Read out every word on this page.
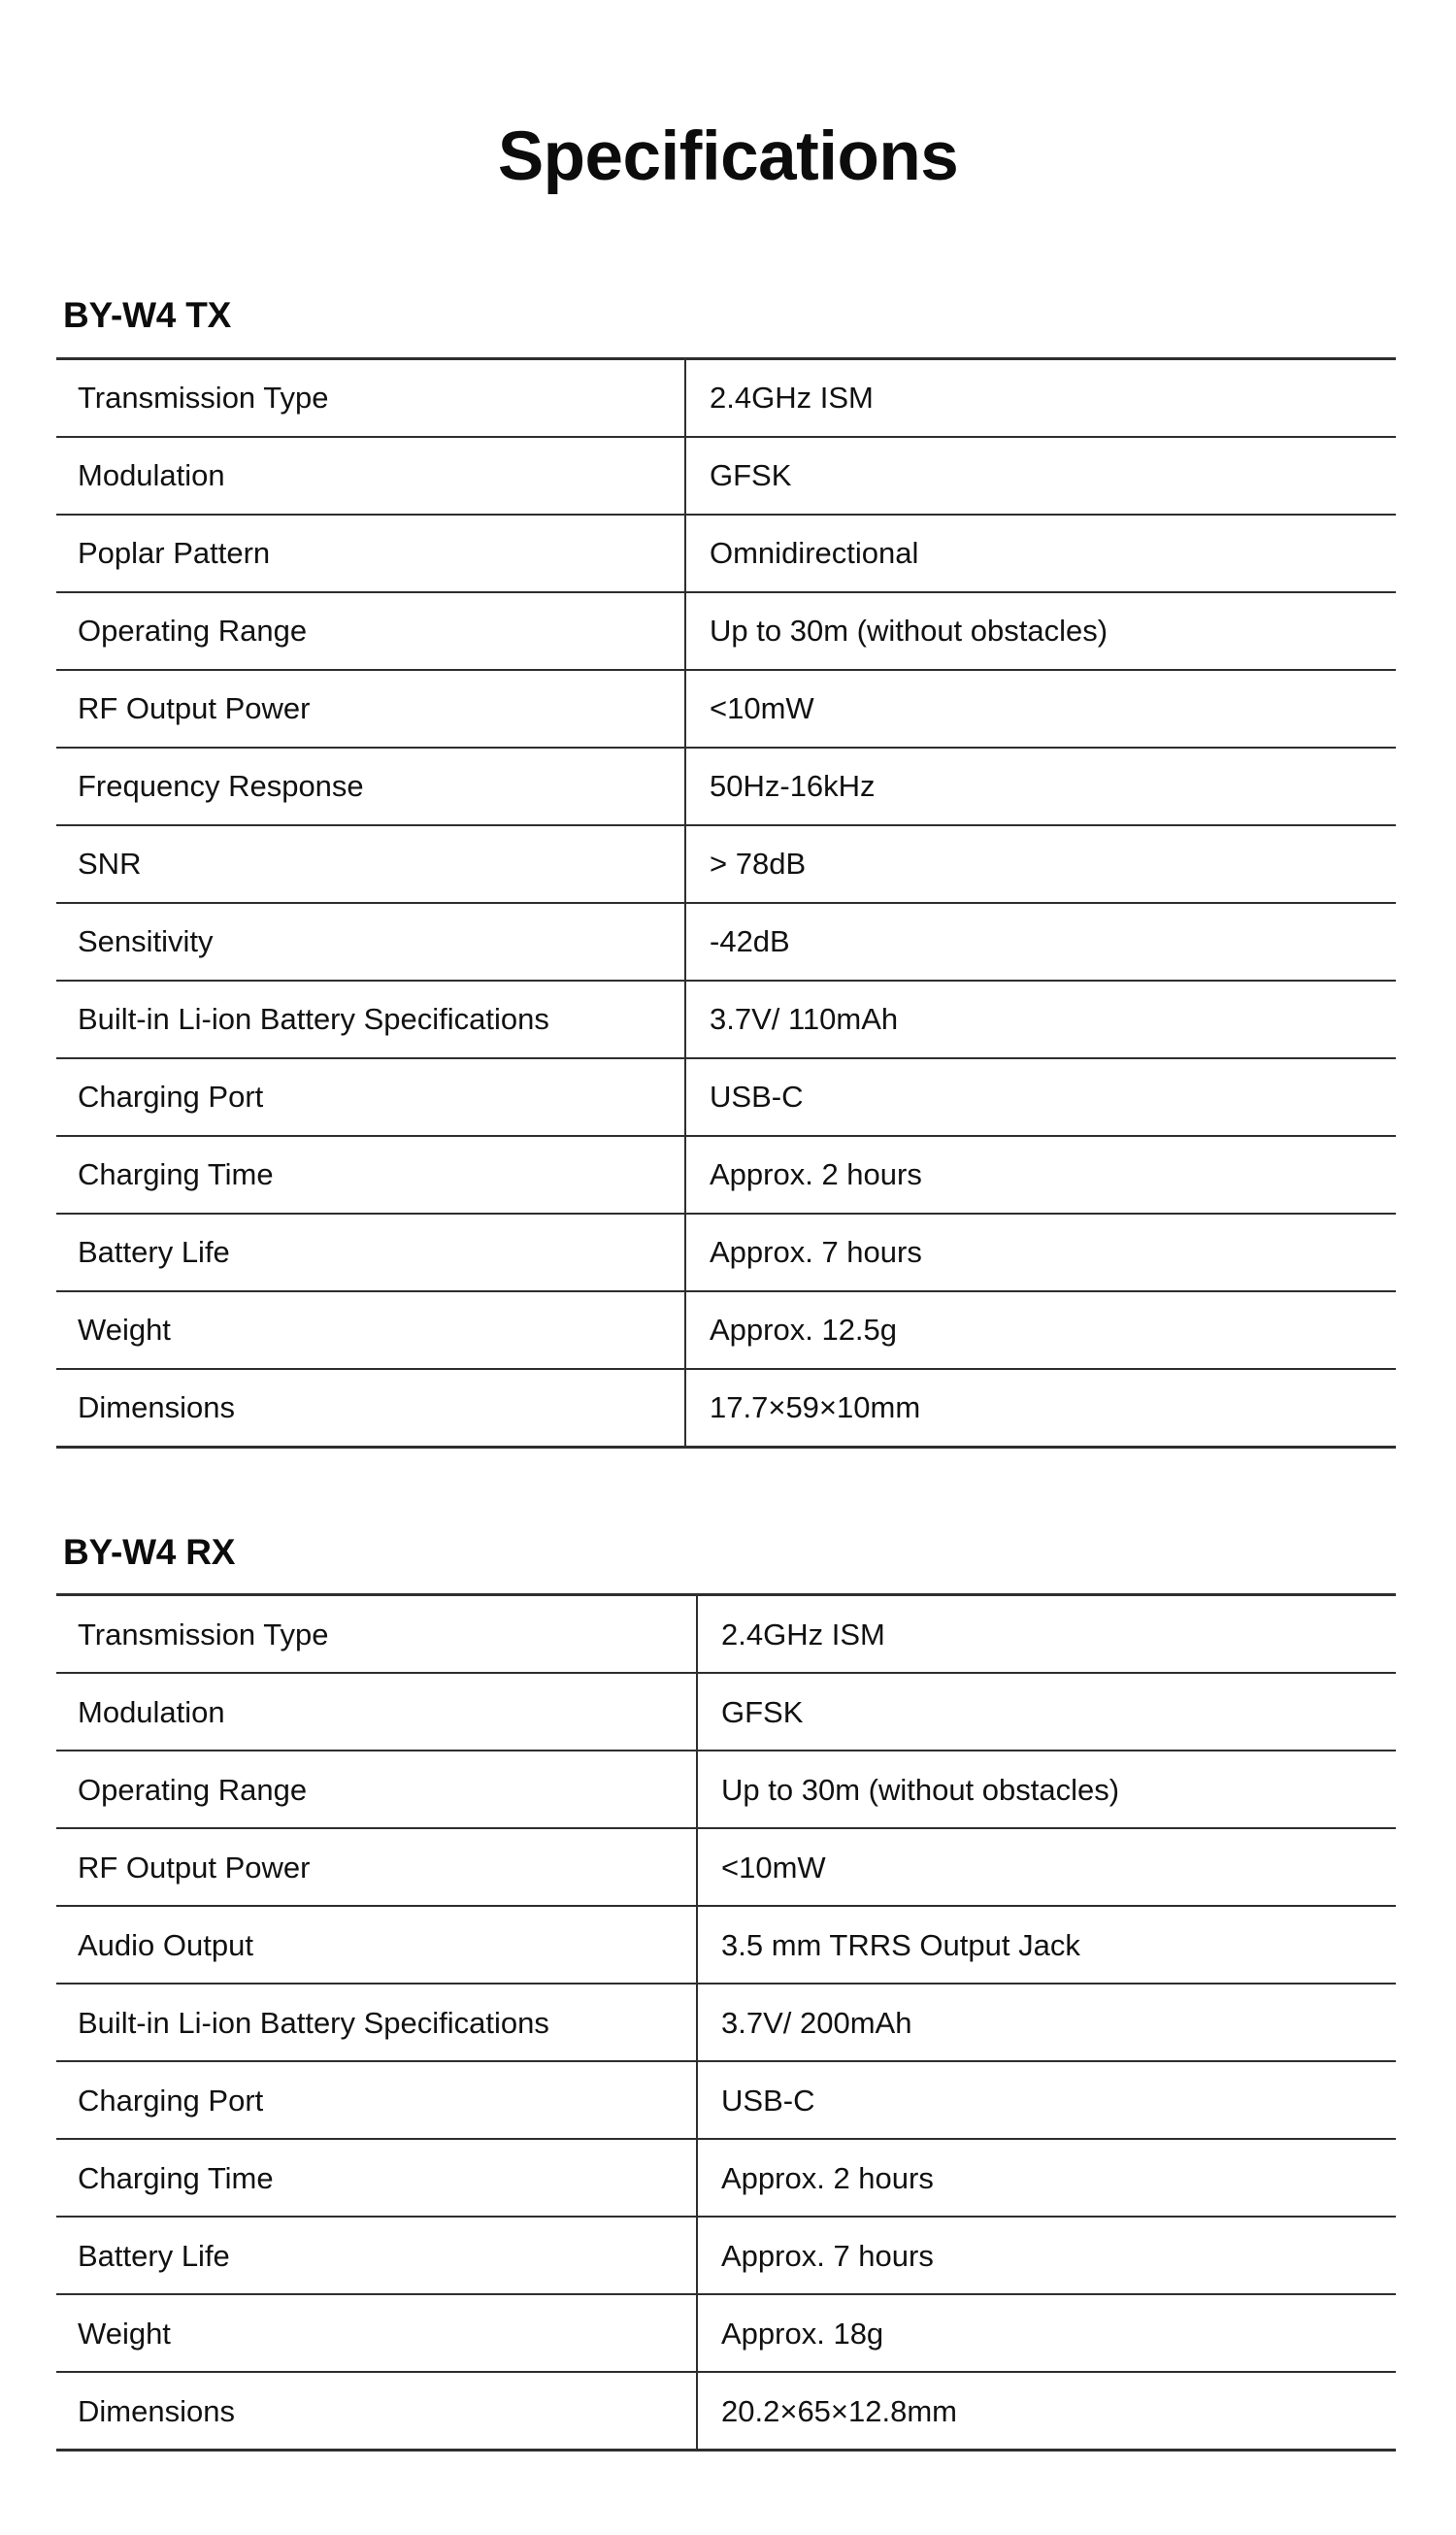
Specifications
BY-W4 TX
Transmission Type	2.4GHz ISM
Modulation	GFSK
Poplar Pattern	Omnidirectional
Operating Range	Up to 30m (without obstacles)
RF Output Power	<10mW
Frequency Response	50Hz-16kHz
SNR	> 78dB
Sensitivity	-42dB
Built-in Li-ion Battery Specifications	3.7V/ 110mAh
Charging Port	USB-C
Charging Time	Approx. 2 hours
Battery Life	Approx. 7 hours
Weight	Approx. 12.5g
Dimensions	17.7×59×10mm
BY-W4 RX
Transmission Type	2.4GHz ISM
Modulation	GFSK
Operating Range	Up to 30m (without obstacles)
RF Output Power	<10mW
Audio Output	3.5 mm TRRS Output Jack
Built-in Li-ion Battery Specifications	3.7V/ 200mAh
Charging Port	USB-C
Charging Time	Approx. 2 hours
Battery Life	Approx. 7 hours
Weight	Approx. 18g
Dimensions	20.2×65×12.8mm
